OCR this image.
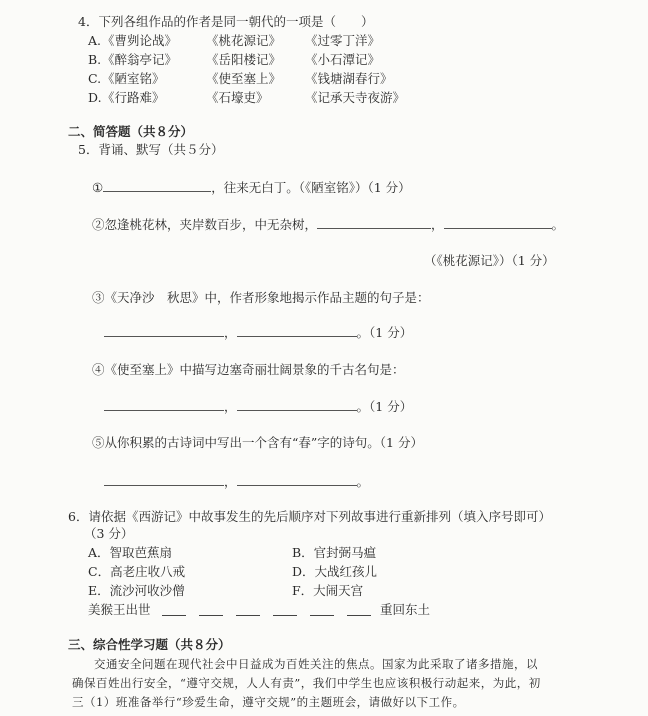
4．下列各组作品的作者是同一朝代的一项是（　　）
A. 《曹刿论战》 《桃花源记》 《过零丁洋》
B. 《醉翁亭记》 《岳阳楼记》 《小石潭记》
C. 《陋室铭》	《使至塞上》 《钱塘湖春行》
D. 《行路难》	《石壕吏》	《记承天寺夜游》
二、简答题（共８分）
5．背诵、默写（共５分）
①	，往来无白丁。（《陋室铭》）（1 分）
②忽逢桃花林，夹岸数百步，中无杂树，	，	。
（《桃花源记》）（1 分）
③《天净沙　秋思》中，作者形象地揭示作品主题的句子是：
，	。（1 分）
④《使至塞上》中描写边塞奇丽壮阔景象的千古名句是：
，	。（1 分）
⑤从你积累的古诗词中写出一个含有“春”字的诗句。（1 分）
，	。
6．请依据《西游记》中故事发生的先后顺序对下列故事进行重新排列（填入序号即可）
（3 分）
A．智取芭蕉扇	B．官封弼马瘟
C．高老庄收八戒	D．大战红孩儿
E．流沙河收沙僧	F．大闹天宫
美猴王出世	重回东土
三、综合性学习题（共８分）
交通安全问题在现代社会中日益成为百姓关注的焦点。国家为此采取了诸多措施，以
确保百姓出行安全，“遵守交规，人人有责”，我们中学生也应该积极行动起来，为此，初
三（1）班准备举行“珍爱生命，遵守交规”的主题班会，请做好以下工作。
